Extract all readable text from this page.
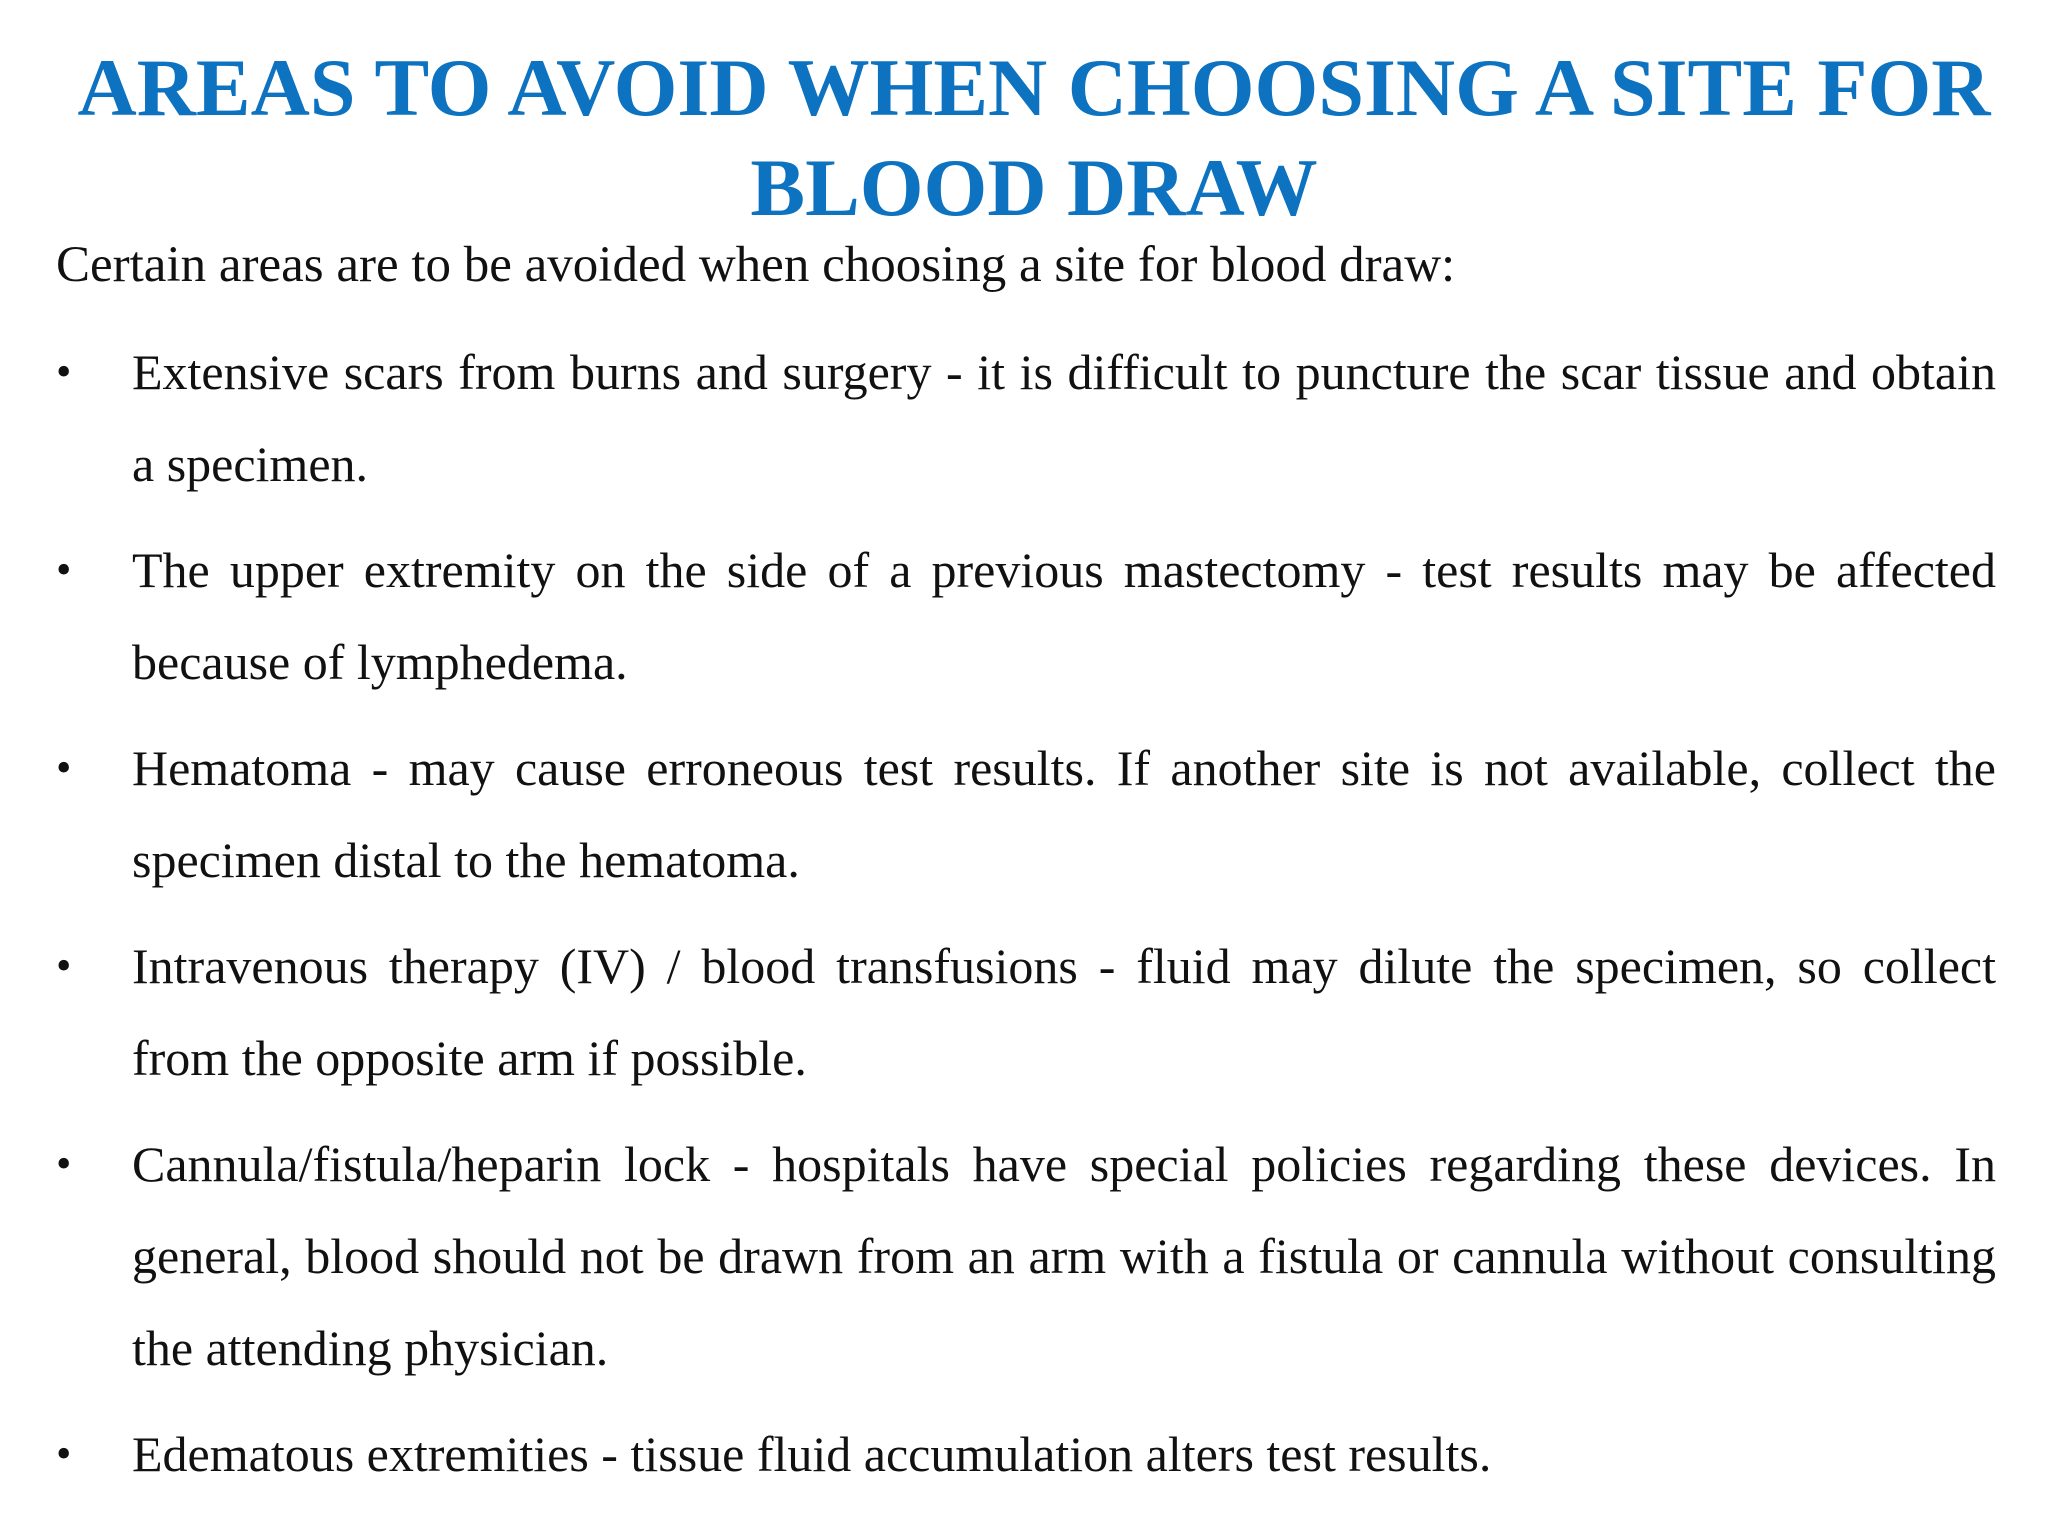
AREAS TO AVOID WHEN CHOOSING A SITE FOR BLOOD DRAW

Certain areas are to be avoided when choosing a site for blood draw:

• Extensive scars from burns and surgery - it is difficult to puncture the scar tissue and obtain a specimen.
• The upper extremity on the side of a previous mastectomy - test results may be affected because of lymphedema.
• Hematoma - may cause erroneous test results. If another site is not available, collect the specimen distal to the hematoma.
• Intravenous therapy (IV) / blood transfusions - fluid may dilute the specimen, so collect from the opposite arm if possible.
• Cannula/fistula/heparin lock - hospitals have special policies regarding these devices. In general, blood should not be drawn from an arm with a fistula or cannula without consulting the attending physician.
• Edematous extremities - tissue fluid accumulation alters test results.
